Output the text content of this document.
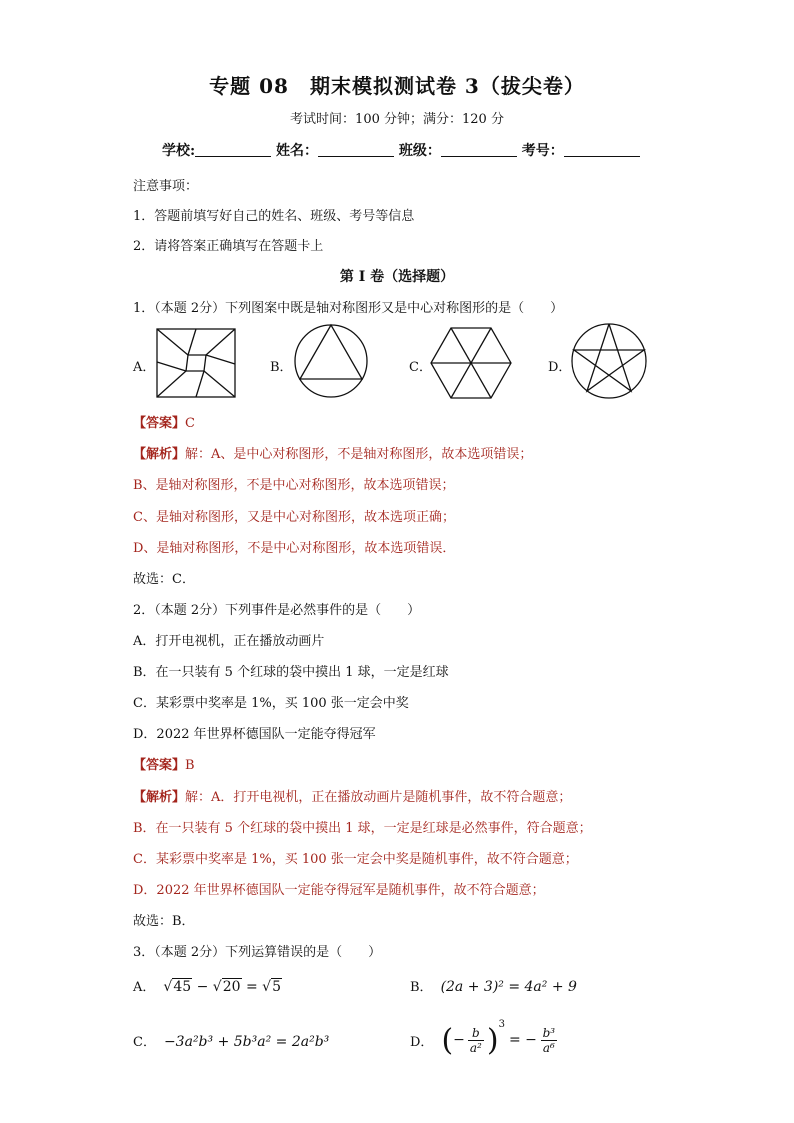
专题 08　期末模拟测试卷 3（拔尖卷）
考试时间：100 分钟；满分：120 分
学校:	姓名：	班级：	考号：
注意事项：
1．答题前填写好自己的姓名、班级、考号等信息
2．请将答案正确填写在答题卡上
第 I 卷（选择题）
1．（本题 2分）下列图案中既是轴对称图形又是中心对称图形的是（　　）
A．	B．	C．	D．
【答案】C
【解析】解：A、是中心对称图形，不是轴对称图形，故本选项错误；
B、是轴对称图形，不是中心对称图形，故本选项错误；
C、是轴对称图形，又是中心对称图形，故本选项正确；
D、是轴对称图形，不是中心对称图形，故本选项错误．
故选：C．
2．（本题 2分）下列事件是必然事件的是（　　）
A．打开电视机，正在播放动画片
B．在一只装有 5 个红球的袋中摸出 1 球，一定是红球
C．某彩票中奖率是 1%，买 100 张一定会中奖
D．2022 年世界杯德国队一定能夺得冠军
【答案】B
【解析】解：A．打开电视机，正在播放动画片是随机事件，故不符合题意；
B．在一只装有 5 个红球的袋中摸出 1 球，一定是红球是必然事件，符合题意；
C．某彩票中奖率是 1%，买 100 张一定会中奖是随机事件，故不符合题意；
D．2022 年世界杯德国队一定能夺得冠军是随机事件，故不符合题意；
故选：B．
3．（本题 2分）下列运算错误的是（　　）
A． √45 − √20 = √5	B． (2a + 3)² = 4a² + 9
C． −3a²b³ + 5b³a² = 2a²b³	D． ( − $\frac{b}{\text{a²}} )^3$
= − $\frac{\text{b³}}{\text{a⁶}}$
